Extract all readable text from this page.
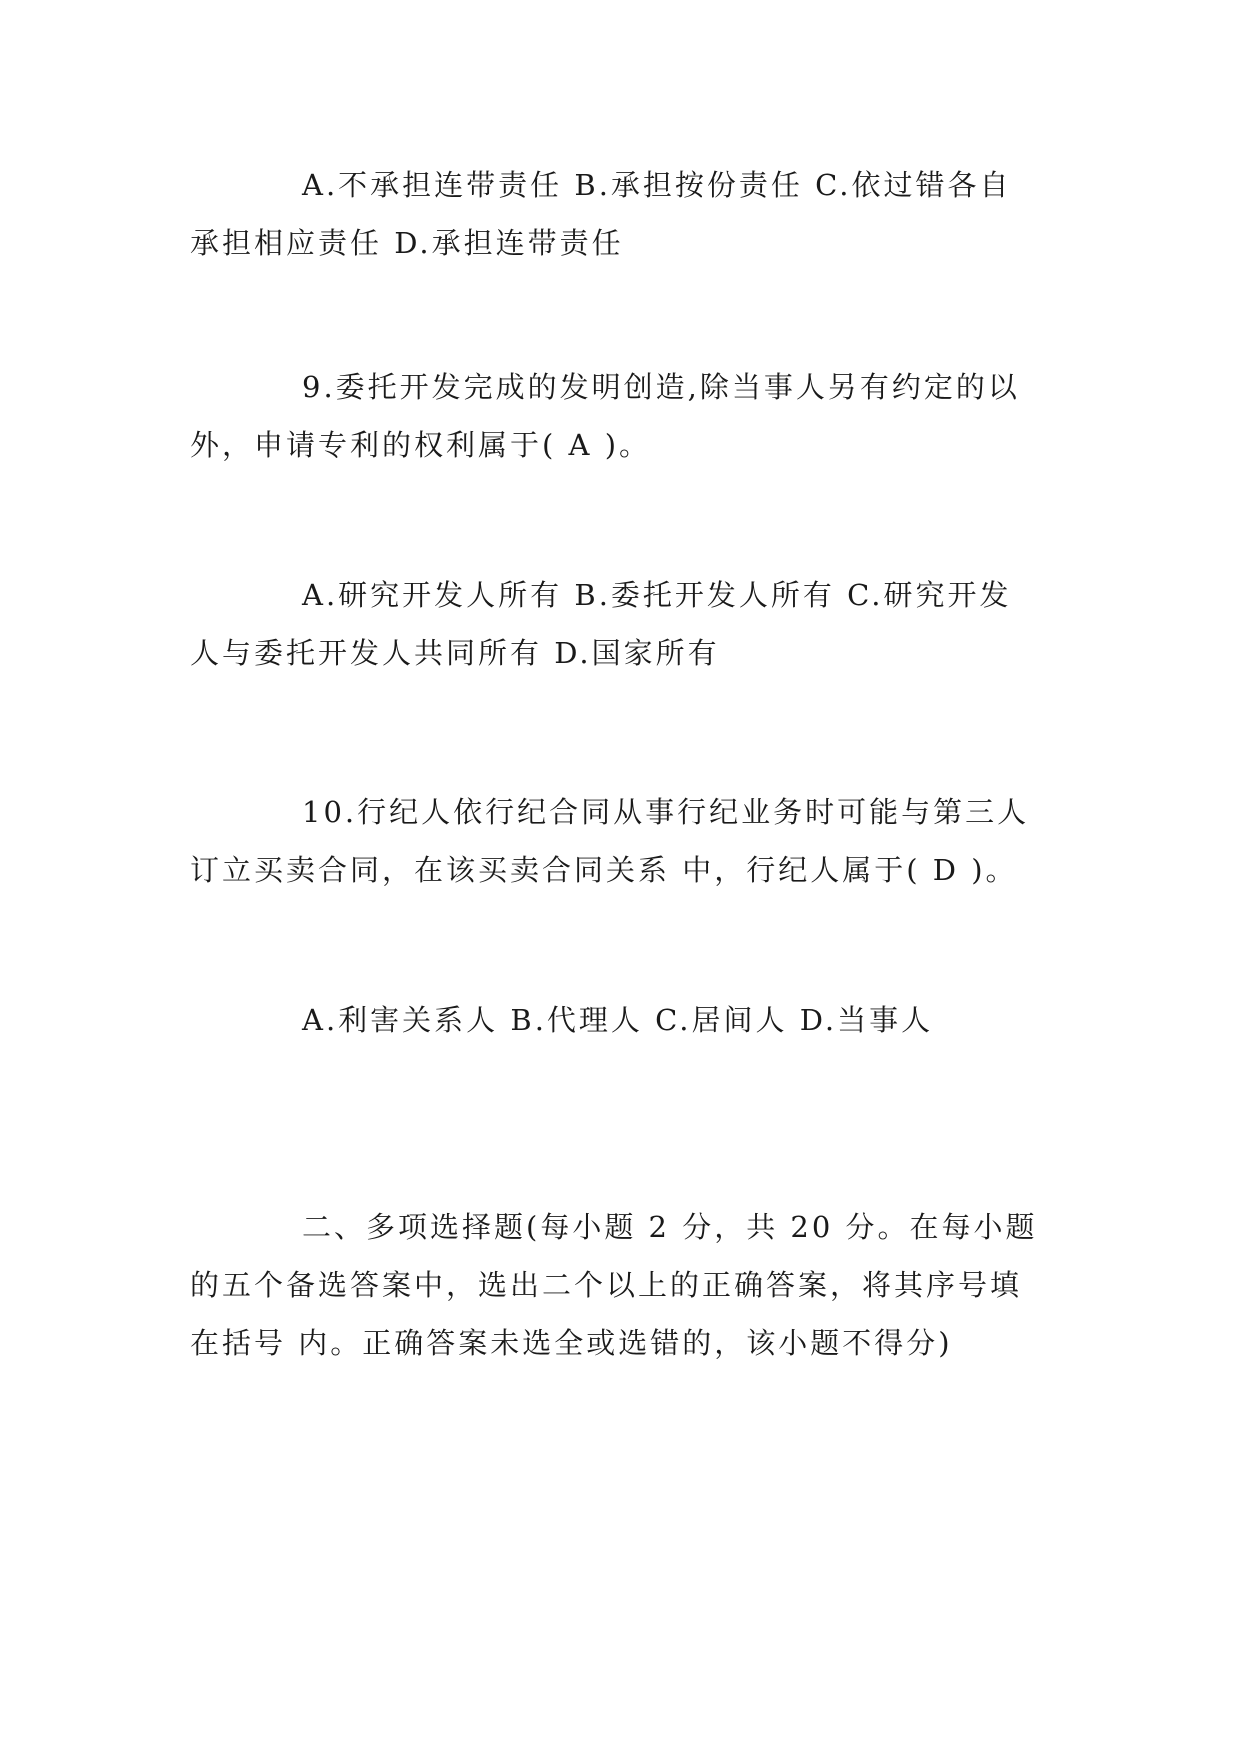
A.不承担连带责任 B.承担按份责任 C.依过错各自
承担相应责任 D.承担连带责任

9.委托开发完成的发明创造,除当事人另有约定的以
外，申请专利的权利属于( A )。

A.研究开发人所有 B.委托开发人所有 C.研究开发
人与委托开发人共同所有 D.国家所有

10.行纪人依行纪合同从事行纪业务时可能与第三人
订立买卖合同，在该买卖合同关系 中，行纪人属于( D )。

A.利害关系人 B.代理人 C.居间人 D.当事人

二、多项选择题(每小题 2 分，共 20 分。在每小题
的五个备选答案中，选出二个以上的正确答案，将其序号填
在括号 内。正确答案未选全或选错的，该小题不得分)
